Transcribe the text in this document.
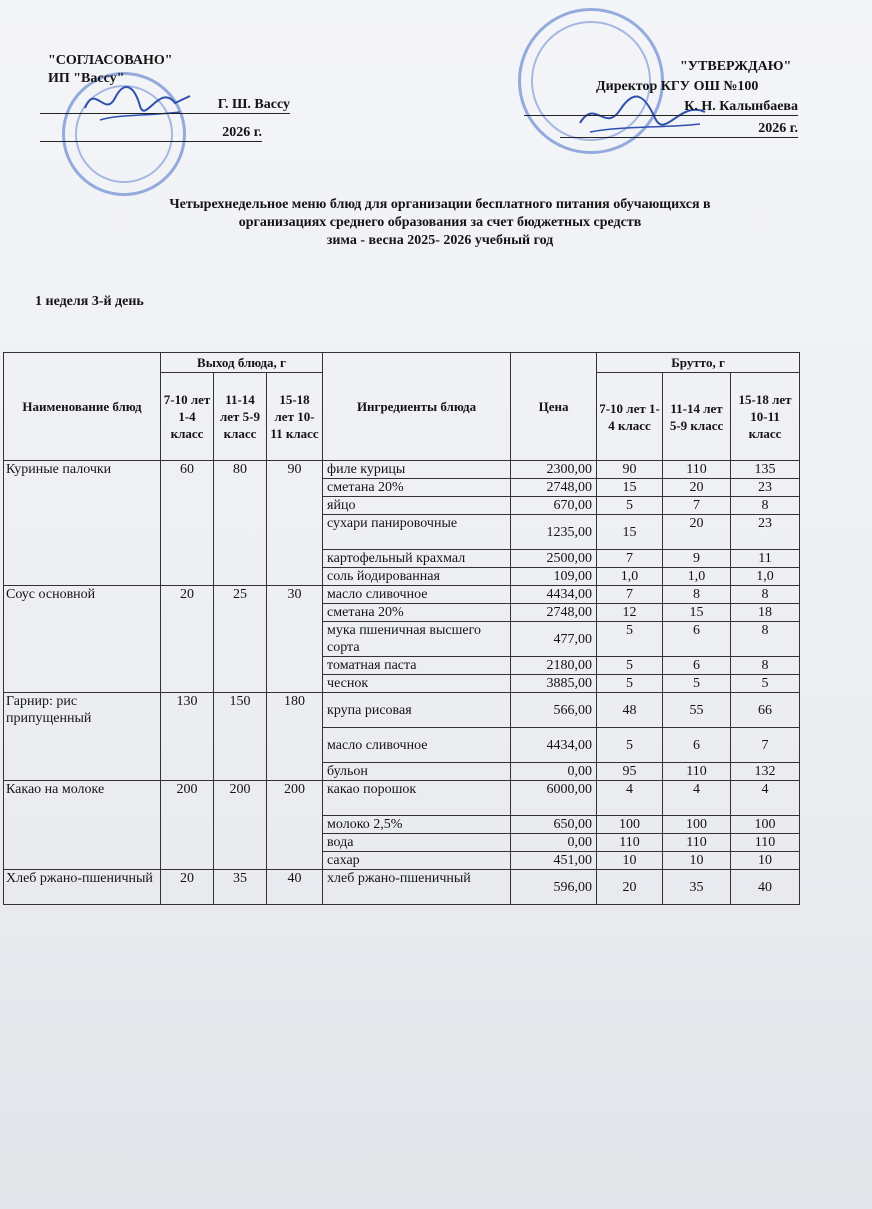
"СОГЛАСОВАНО"
ИП "Вассу"
Г. Ш. Вассу
2026 г.
"УТВЕРЖДАЮ"
Директор КГУ ОШ №100
К. Н. Калынбаева
2026 г.
Четырехнедельное меню блюд для организации бесплатного питания обучающихся в
организациях среднего образования за счет бюджетных средств
зима - весна 2025- 2026 учебный год
1 неделя 3-й день
Наименование блюд	Выход блюда, г			Ингредиенты блюда	Цена	Брутто, г		
	7-10 лет 1-4 класс	11-14 лет 5-9 класс	15-18 лет 10-11 класс			7-10 лет 1-4 класс	11-14 лет 5-9 класс	15-18 лет 10-11 класс
Куриные палочки	60	80	90	филе курицы	2300,00	90	110	135
				сметана 20%	2748,00	15	20	23
				яйцо	670,00	5	7	8
				сухари панировочные	1235,00	15	20	23
				картофельный крахмал	2500,00	7	9	11
				соль йодированная	109,00	1,0	1,0	1,0
Соус основной	20	25	30	масло сливочное	4434,00	7	8	8
				сметана 20%	2748,00	12	15	18
				мука пшеничная высшего сорта	477,00	5	6	8
				томатная паста	2180,00	5	6	8
				чеснок	3885,00	5	5	5
Гарнир: рис припущенный	130	150	180	крупа рисовая	566,00	48	55	66
				масло сливочное	4434,00	5	6	7
				бульон	0,00	95	110	132
Какао на молоке	200	200	200	какао порошок	6000,00	4	4	4
				молоко 2,5%	650,00	100	100	100
				вода	0,00	110	110	110
				сахар	451,00	10	10	10
Хлеб ржано-пшеничный	20	35	40	хлеб ржано-пшеничный	596,00	20	35	40
